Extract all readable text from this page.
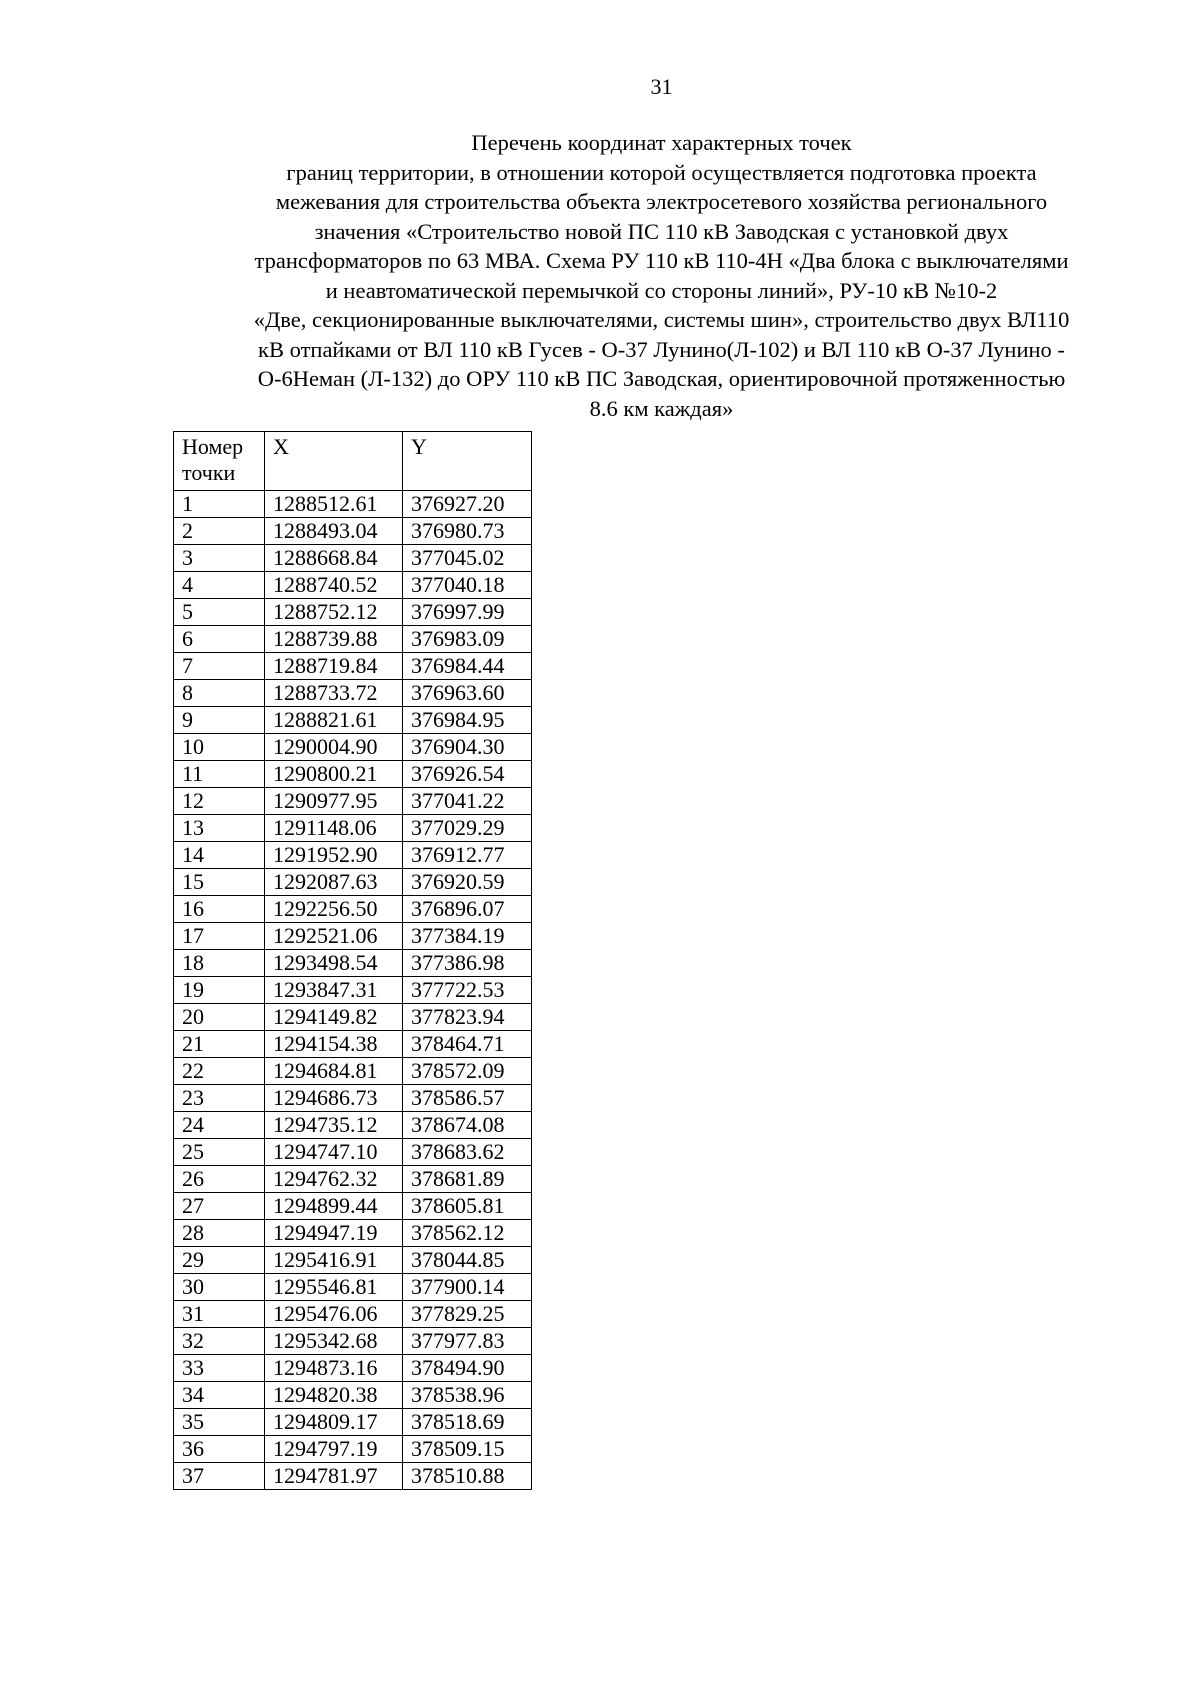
31
Перечень координат характерных точек
границ территории, в отношении которой осуществляется подготовка проекта
межевания для строительства объекта электросетевого хозяйства регионального
значения «Строительство новой ПС 110 кВ Заводская с установкой двух
трансформаторов по 63 МВА. Схема РУ 110 кВ 110-4Н «Два блока с выключателями
и неавтоматической перемычкой со стороны линий», РУ-10 кВ №10-2
«Две, секционированные выключателями, системы шин», строительство двух ВЛ110
кВ отпайками от ВЛ 110 кВ Гусев - О-37 Лунино(Л-102) и ВЛ 110 кВ О-37 Лунино -
О-6Неман (Л-132) до ОРУ 110 кВ ПС Заводская, ориентировочной протяженностью
8.6 км каждая»
Номер точки	X	Y
1	1288512.61	376927.20
2	1288493.04	376980.73
3	1288668.84	377045.02
4	1288740.52	377040.18
5	1288752.12	376997.99
6	1288739.88	376983.09
7	1288719.84	376984.44
8	1288733.72	376963.60
9	1288821.61	376984.95
10	1290004.90	376904.30
11	1290800.21	376926.54
12	1290977.95	377041.22
13	1291148.06	377029.29
14	1291952.90	376912.77
15	1292087.63	376920.59
16	1292256.50	376896.07
17	1292521.06	377384.19
18	1293498.54	377386.98
19	1293847.31	377722.53
20	1294149.82	377823.94
21	1294154.38	378464.71
22	1294684.81	378572.09
23	1294686.73	378586.57
24	1294735.12	378674.08
25	1294747.10	378683.62
26	1294762.32	378681.89
27	1294899.44	378605.81
28	1294947.19	378562.12
29	1295416.91	378044.85
30	1295546.81	377900.14
31	1295476.06	377829.25
32	1295342.68	377977.83
33	1294873.16	378494.90
34	1294820.38	378538.96
35	1294809.17	378518.69
36	1294797.19	378509.15
37	1294781.97	378510.88
